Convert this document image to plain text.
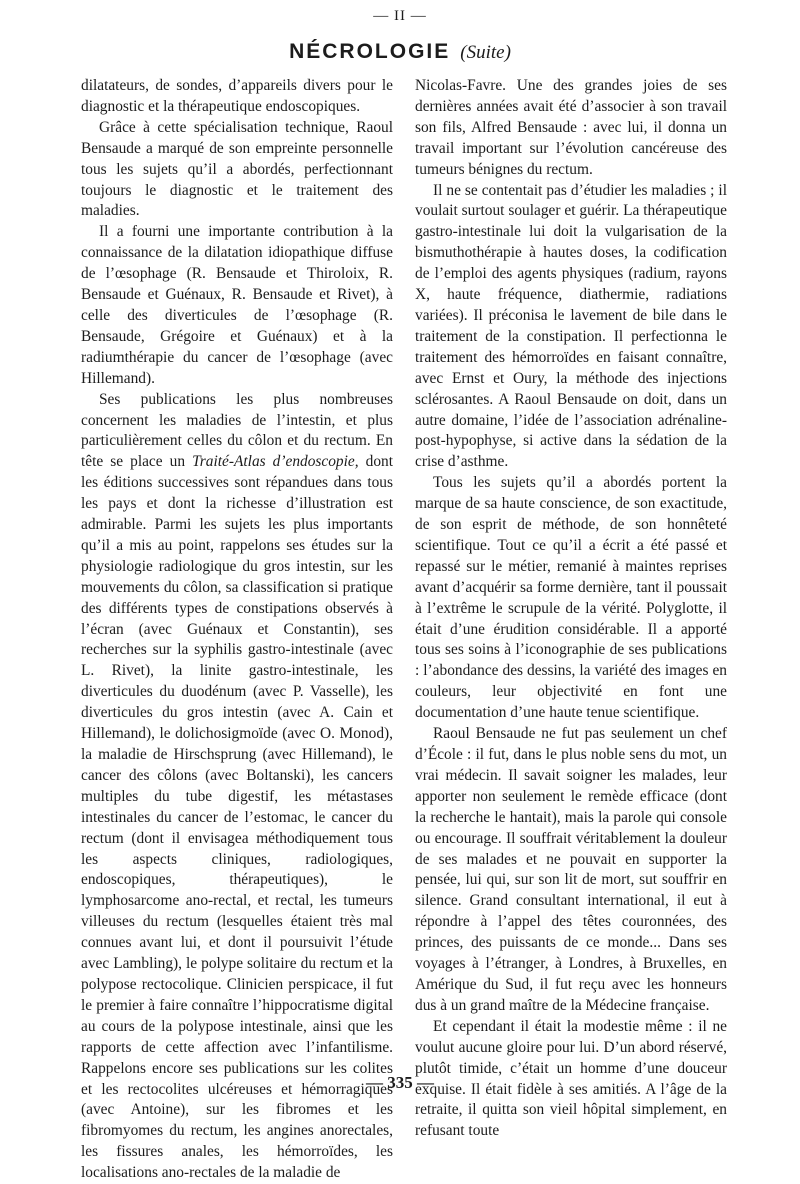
— II —
NÉCROLOGIE (Suite)

dilatateurs, de sondes, d’appareils divers pour le diagnostic et la thérapeutique endoscopiques.

Grâce à cette spécialisation technique, Raoul Bensaude a marqué de son empreinte personnelle tous les sujets qu’il a abordés, perfectionnant toujours le diagnostic et le traitement des maladies.

Il a fourni une importante contribution à la connaissance de la dilatation idiopathique diffuse de l’œsophage (R. Bensaude et Thiroloix, R. Bensaude et Guénaux, R. Bensaude et Rivet), à celle des diverticules de l’œsophage (R. Bensaude, Grégoire et Guénaux) et à la radiumthérapie du cancer de l’œsophage (avec Hillemand).

Ses publications les plus nombreuses concernent les maladies de l’intestin, et plus particulièrement celles du côlon et du rectum. En tête se place un Traité-Atlas d’endoscopie, dont les éditions successives sont répandues dans tous les pays et dont la richesse d’illustration est admirable. Parmi les sujets les plus importants qu’il a mis au point, rappelons ses études sur la physiologie radiologique du gros intestin, sur les mouvements du côlon, sa classification si pratique des différents types de constipations observés à l’écran (avec Guénaux et Constantin), ses recherches sur la syphilis gastro-intestinale (avec L. Rivet), la linite gastro-intestinale, les diverticules du duodénum (avec P. Vasselle), les diverticules du gros intestin (avec A. Cain et Hillemand), le dolichosigmoïde (avec O. Monod), la maladie de Hirschsprung (avec Hillemand), le cancer des côlons (avec Boltanski), les cancers multiples du tube digestif, les métastases intestinales du cancer de l’estomac, le cancer du rectum (dont il envisagea méthodiquement tous les aspects cliniques, radiologiques, endoscopiques, thérapeutiques), le lymphosarcome ano-rectal, et rectal, les tumeurs villeuses du rectum (lesquelles étaient très mal connues avant lui, et dont il poursuivit l’étude avec Lambling), le polype solitaire du rectum et la polypose rectocolique. Clinicien perspicace, il fut le premier à faire connaître l’hippocratisme digital au cours de la polypose intestinale, ainsi que les rapports de cette affection avec l’infantilisme. Rappelons encore ses publications sur les colites et les rectocolites ulcéreuses et hémorragiques (avec Antoine), sur les fibromes et les fibromyomes du rectum, les angines anorectales, les fissures anales, les hémorroïdes, les localisations ano-rectales de la maladie de

Nicolas-Favre. Une des grandes joies de ses dernières années avait été d’associer à son travail son fils, Alfred Bensaude : avec lui, il donna un travail important sur l’évolution cancéreuse des tumeurs bénignes du rectum.

Il ne se contentait pas d’étudier les maladies ; il voulait surtout soulager et guérir. La thérapeutique gastro-intestinale lui doit la vulgarisation de la bismuthothérapie à hautes doses, la codification de l’emploi des agents physiques (radium, rayons X, haute fréquence, diathermie, radiations variées). Il préconisa le lavement de bile dans le traitement de la constipation. Il perfectionna le traitement des hémorroïdes en faisant connaître, avec Ernst et Oury, la méthode des injections sclérosantes. A Raoul Bensaude on doit, dans un autre domaine, l’idée de l’association adrénaline-post-hypophyse, si active dans la sédation de la crise d’asthme.

Tous les sujets qu’il a abordés portent la marque de sa haute conscience, de son exactitude, de son esprit de méthode, de son honnêteté scientifique. Tout ce qu’il a écrit a été passé et repassé sur le métier, remanié à maintes reprises avant d’acquérir sa forme dernière, tant il poussait à l’extrême le scrupule de la vérité. Polyglotte, il était d’une érudition considérable. Il a apporté tous ses soins à l’iconographie de ses publications : l’abondance des dessins, la variété des images en couleurs, leur objectivité en font une documentation d’une haute tenue scientifique.

Raoul Bensaude ne fut pas seulement un chef d’École : il fut, dans le plus noble sens du mot, un vrai médecin. Il savait soigner les malades, leur apporter non seulement le remède efficace (dont la recherche le hantait), mais la parole qui console ou encourage. Il souffrait véritablement la douleur de ses malades et ne pouvait en supporter la pensée, lui qui, sur son lit de mort, sut souffrir en silence. Grand consultant international, il eut à répondre à l’appel des têtes couronnées, des princes, des puissants de ce monde... Dans ses voyages à l’étranger, à Londres, à Bruxelles, en Amérique du Sud, il fut reçu avec les honneurs dus à un grand maître de la Médecine française.

Et cependant il était la modestie même : il ne voulut aucune gloire pour lui. D’un abord réservé, plutôt timide, c’était un homme d’une douceur exquise. Il était fidèle à ses amitiés. A l’âge de la retraite, il quitta son vieil hôpital simplement, en refusant toute

— 335 —
